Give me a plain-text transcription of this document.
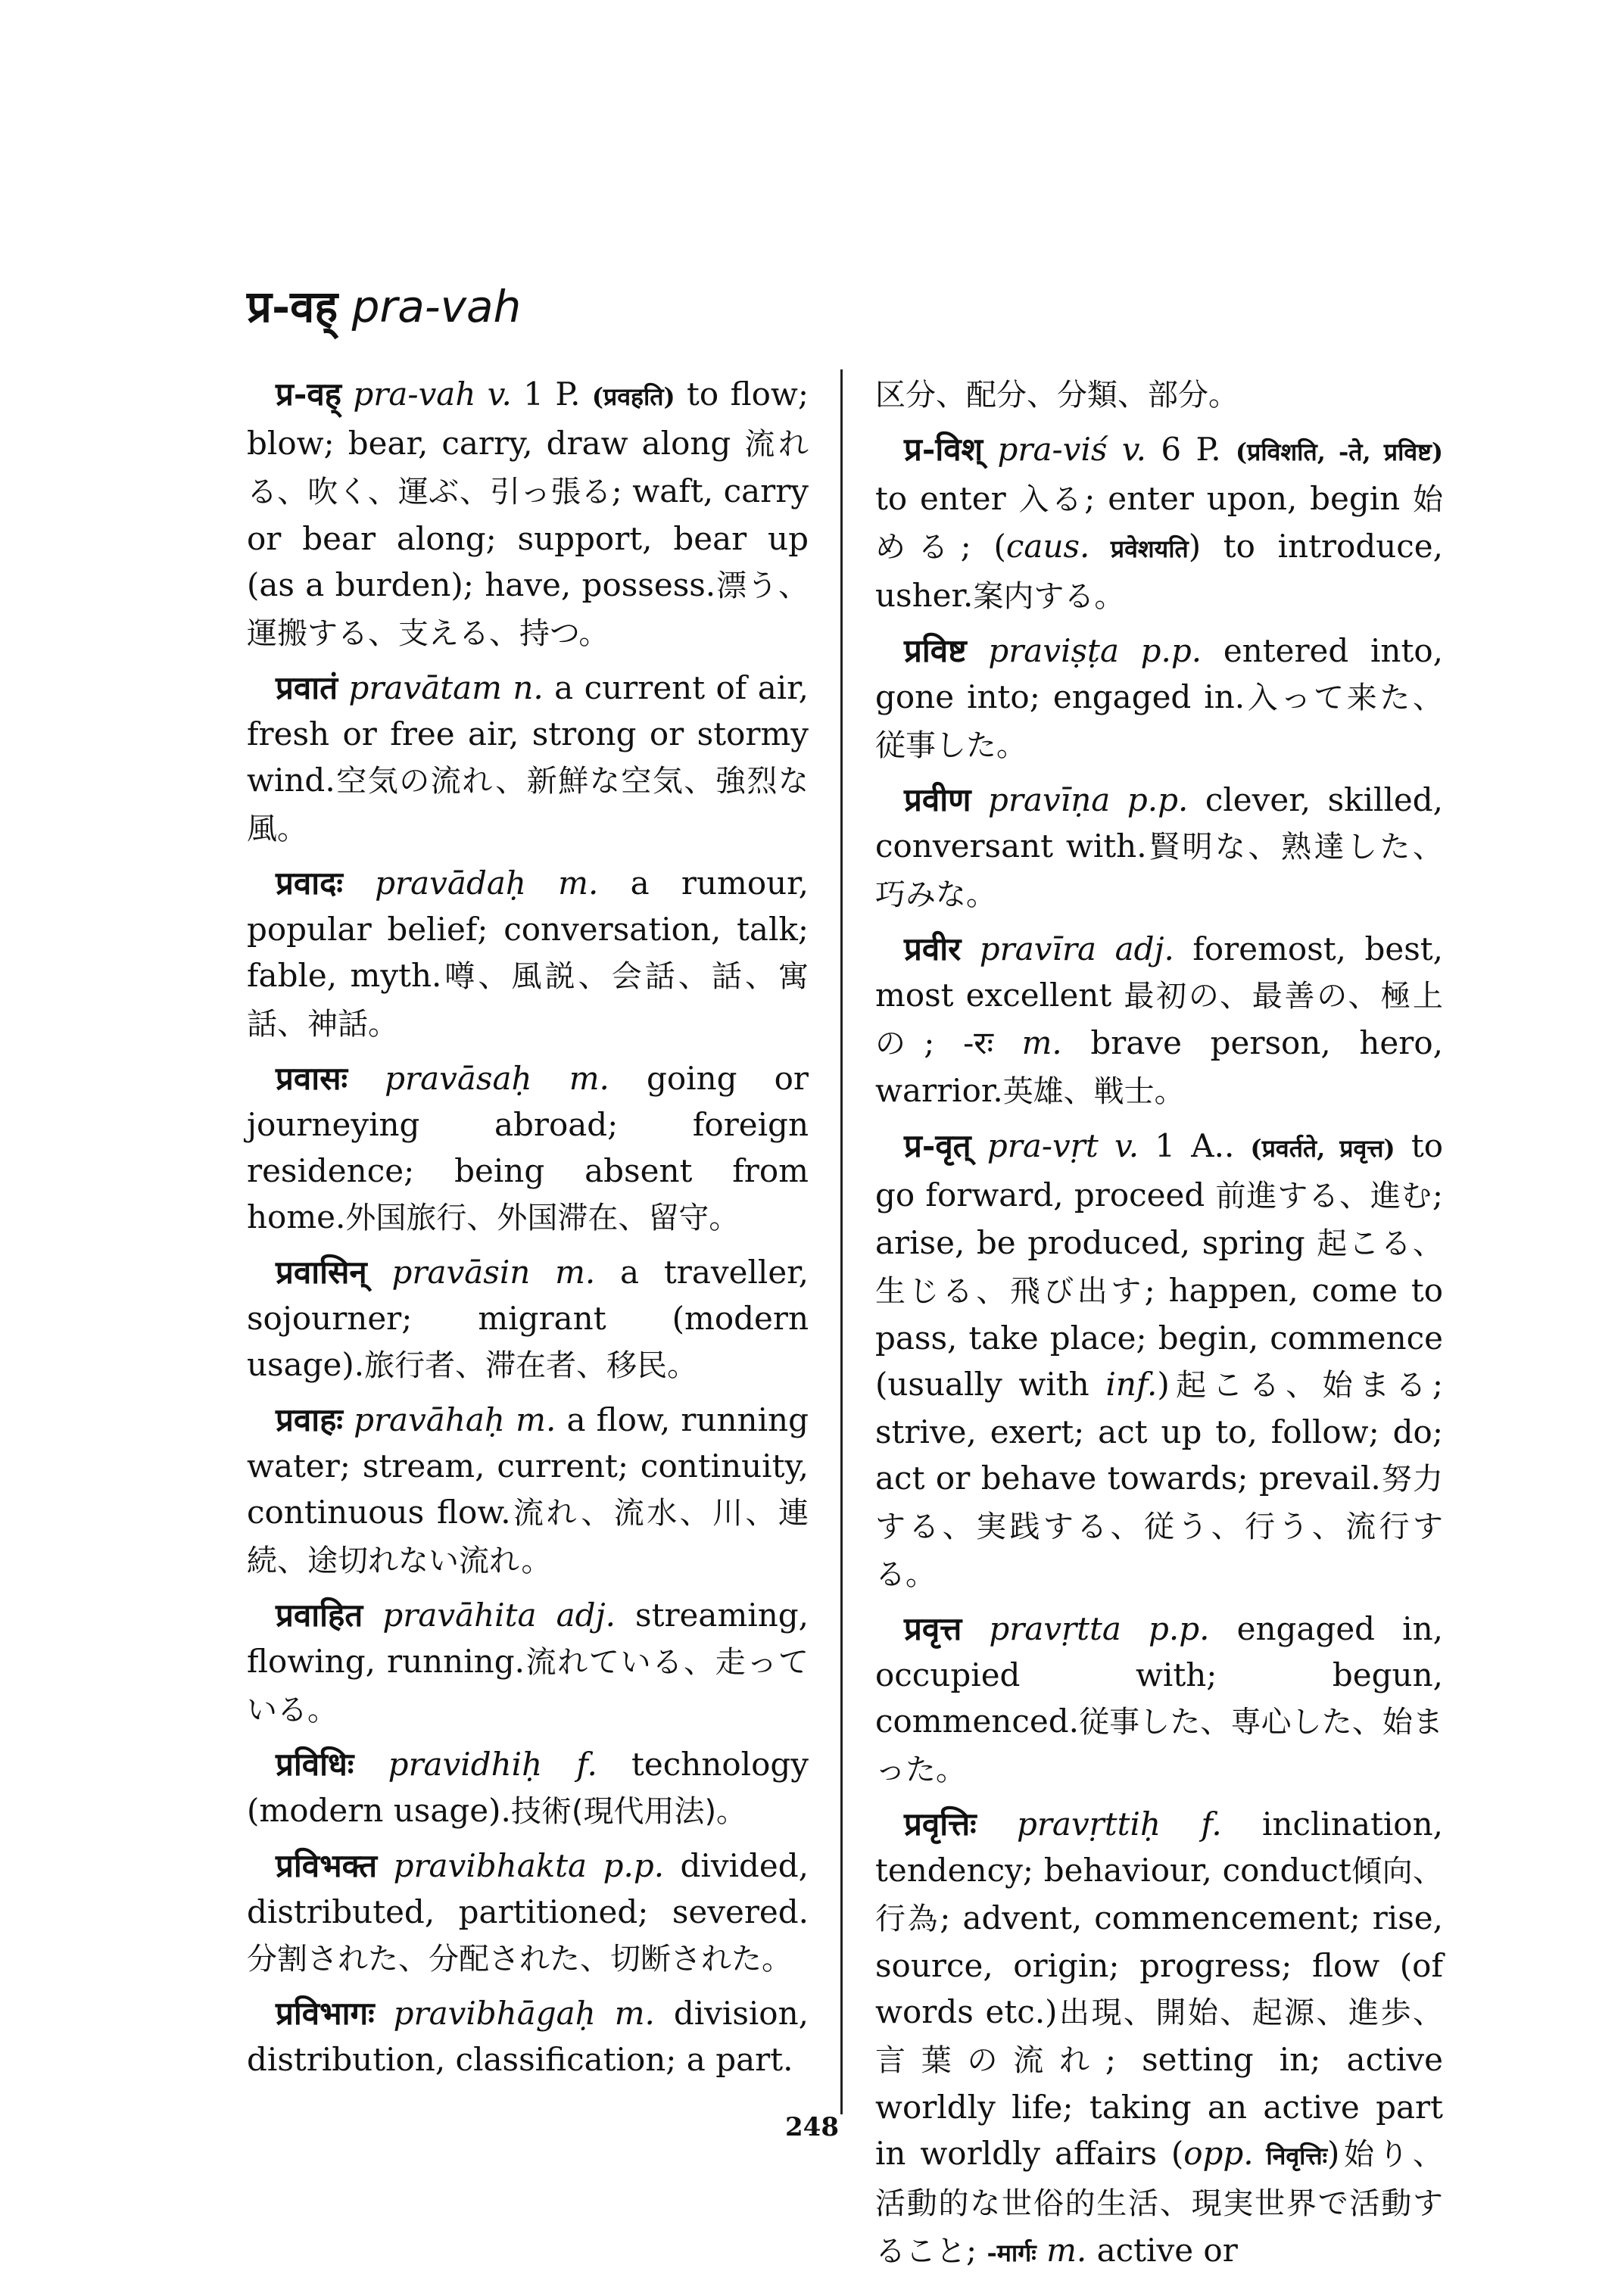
प्र-वह् pra-vah

प्र-वह् pra-vah v. 1 P. (प्रवहति) to flow; blow; bear, carry, draw along 流れる、吹く、運ぶ、引っ張る; waft, carry or bear along; support, bear up (as a burden); have, possess.漂う、運搬する、支える、持つ。

प्रवातं pravātam n. a current of air, fresh or free air, strong or stormy wind.空気の流れ、新鮮な空気、強烈な風。

प्रवादः pravādaḥ m. a rumour, popular belief; conversation, talk; fable, myth.噂、風説、会話、話、寓話、神話。

प्रवासः pravāsaḥ m. going or journeying abroad; foreign residence; being absent from home.外国旅行、外国滞在、留守。

प्रवासिन् pravāsin m. a traveller, sojourner; migrant (modern usage).旅行者、滞在者、移民。

प्रवाहः pravāhaḥ m. a flow, running water; stream, current; continuity, continuous flow.流れ、流水、川、連続、途切れない流れ。

प्रवाहित pravāhita adj. streaming, flowing, running.流れている、走っている。

प्रविधिः pravidhiḥ f. technology (modern usage).技術(現代用法)。

प्रविभक्त pravibhakta p.p. divided, distributed, partitioned; severed.分割された、分配された、切断された。

प्रविभागः pravibhāgaḥ m. division, distribution, classification; a part.

区分、配分、分類、部分。

प्र-विश् pra-viś v. 6 P. (प्रविशति, -ते, प्रविष्ट) to enter 入る; enter upon, begin 始める; (caus. प्रवेशयति) to introduce, usher.案内する。

प्रविष्ट praviṣṭa p.p. entered into, gone into; engaged in.入って来た、従事した。

प्रवीण pravīṇa p.p. clever, skilled, conversant with.賢明な、熟達した、巧みな。

प्रवीर pravīra adj. foremost, best, most excellent 最初の、最善の、極上の; -रः m. brave person, hero, warrior.英雄、戦士。

प्र-वृत् pra-vṛt v. 1 A.. (प्रवर्तते, प्रवृत्त) to go forward, proceed 前進する、進む; arise, be produced, spring 起こる、生じる、飛び出す; happen, come to pass, take place; begin, commence (usually with inf.)起こる、始まる; strive, exert; act up to, follow; do; act or behave towards; prevail.努力する、実践する、従う、行う、流行する。

प्रवृत्त pravṛtta p.p. engaged in, occupied with; begun, commenced.従事した、専心した、始まった。

प्रवृत्तिः pravṛttiḥ f. inclination, tendency; behaviour, conduct傾向、行為; advent, commencement; rise, source, origin; progress; flow (of words etc.)出現、開始、起源、進歩、言葉の流れ; setting in; active worldly life; taking an active part in worldly affairs (opp. निवृत्तिः)始り、活動的な世俗的生活、現実世界で活動すること; -मार्गः m. active or

248
